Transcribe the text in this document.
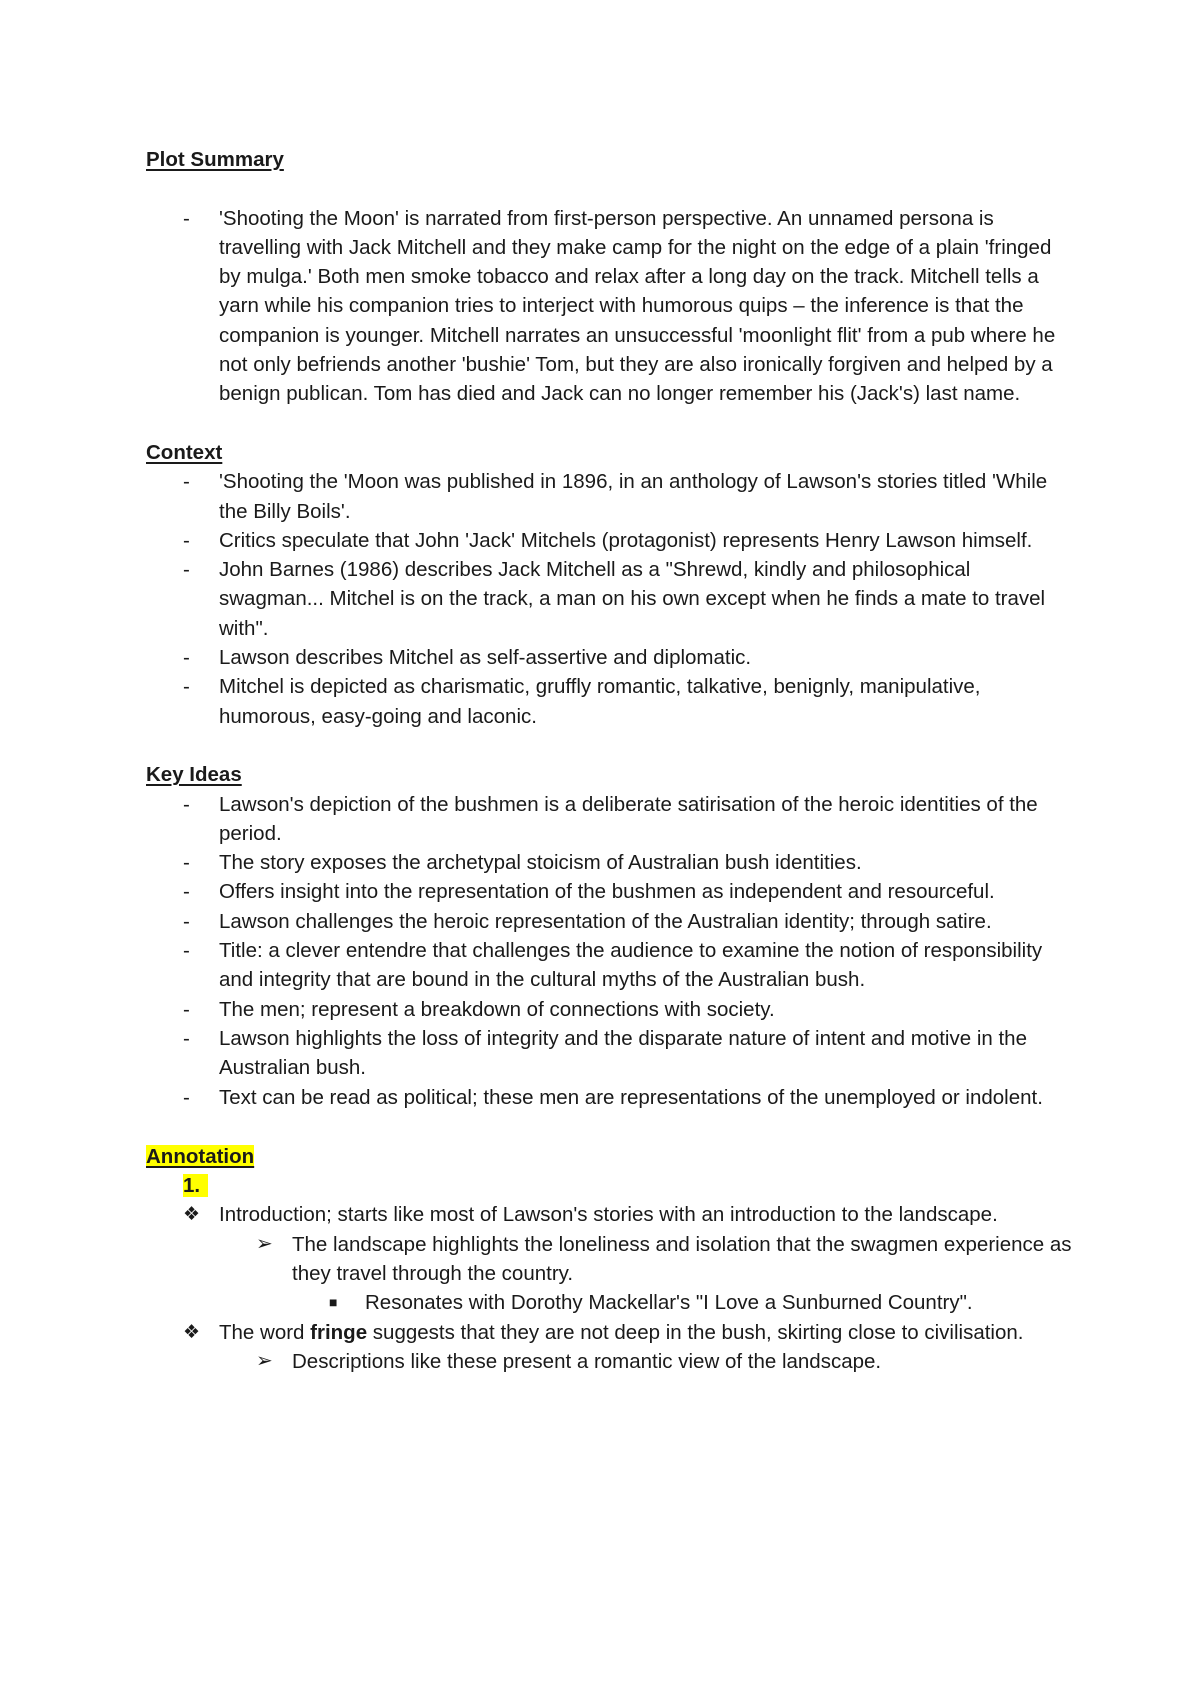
Plot Summary
- 'Shooting the Moon' is narrated from first-person perspective. An unnamed persona is travelling with Jack Mitchell and they make camp for the night on the edge of a plain 'fringed by mulga.' Both men smoke tobacco and relax after a long day on the track. Mitchell tells a yarn while his companion tries to interject with humorous quips – the inference is that the companion is younger. Mitchell narrates an unsuccessful 'moonlight flit' from a pub where he not only befriends another 'bushie' Tom, but they are also ironically forgiven and helped by a benign publican. Tom has died and Jack can no longer remember his (Jack's) last name.
Context
- 'Shooting the 'Moon was published in 1896, in an anthology of Lawson's stories titled 'While the Billy Boils'.
- Critics speculate that John 'Jack' Mitchels (protagonist) represents Henry Lawson himself.
- John Barnes (1986) describes Jack Mitchell as a "Shrewd, kindly and philosophical swagman... Mitchel is on the track, a man on his own except when he finds a mate to travel with".
- Lawson describes Mitchel as self-assertive and diplomatic.
- Mitchel is depicted as charismatic, gruffly romantic, talkative, benignly, manipulative, humorous, easy-going and laconic.
Key Ideas
- Lawson's depiction of the bushmen is a deliberate satirisation of the heroic identities of the period.
- The story exposes the archetypal stoicism of Australian bush identities.
- Offers insight into the representation of the bushmen as independent and resourceful.
- Lawson challenges the heroic representation of the Australian identity; through satire.
- Title: a clever entendre that challenges the audience to examine the notion of responsibility and integrity that are bound in the cultural myths of the Australian bush.
- The men; represent a breakdown of connections with society.
- Lawson highlights the loss of integrity and the disparate nature of intent and motive in the Australian bush.
- Text can be read as political; these men are representations of the unemployed or indolent.
Annotation
1.
❖ Introduction; starts like most of Lawson's stories with an introduction to the landscape.
➢ The landscape highlights the loneliness and isolation that the swagmen experience as they travel through the country.
■ Resonates with Dorothy Mackellar's "I Love a Sunburned Country".
❖ The word fringe suggests that they are not deep in the bush, skirting close to civilisation.
➢ Descriptions like these present a romantic view of the landscape.
